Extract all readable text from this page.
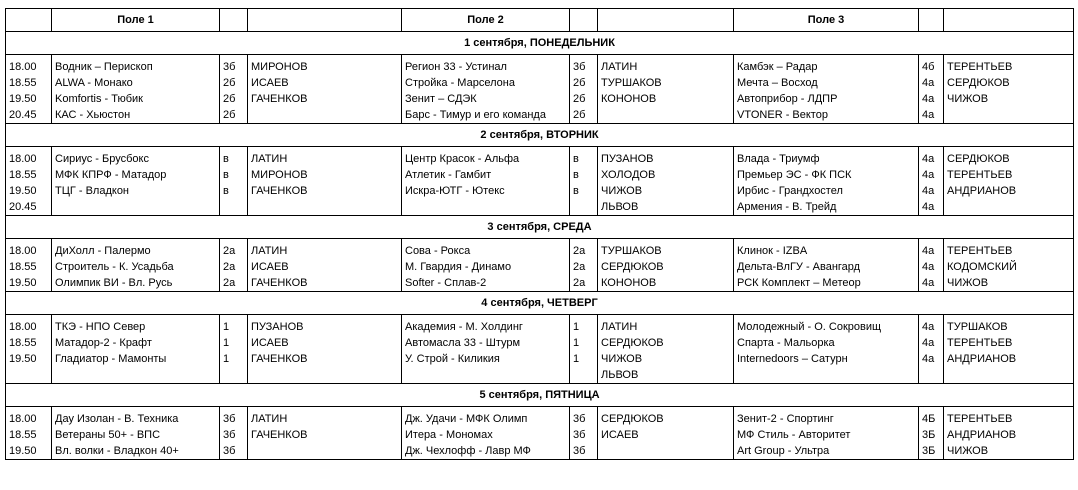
	Поле 1			Поле 2			Поле 3		
1 сентября, ПОНЕДЕЛЬНИК									

18.00	Водник – Перископ	3б	МИРОНОВ	Регион 33 - Устинал	3б	ЛАТИН	Камбэк – Радар	4б	ТЕРЕНТЬЕВ
18.55	ALWA - Монако	2б	ИСАЕВ	Стройка - Марселона	2б	ТУРШАКОВ	Мечта – Восход	4а	СЕРДЮКОВ
19.50	Komfortis - Тюбик	2б	ГАЧЕНКОВ	Зенит – СДЭК	2б	КОНОНОВ	Автоприбор - ЛДПР	4а	ЧИЖОВ
20.45	КАС - Хьюстон	2б		Барс - Тимур и его команда	2б		VTONER - Вектор	4а	
2 сентября, ВТОРНИК									

18.00	Сириус - Брусбокс	в	ЛАТИН	Центр Красок - Альфа	в	ПУЗАНОВ	Влада - Триумф	4а	СЕРДЮКОВ
18.55	МФК КПРФ - Матадор	в	МИРОНОВ	Атлетик - Гамбит	в	ХОЛОДОВ	Премьер ЭС - ФК ПСК	4а	ТЕРЕНТЬЕВ
19.50	ТЦГ - Владкон	в	ГАЧЕНКОВ	Искра-ЮТГ - Ютекс	в	ЧИЖОВ	Ирбис - Грандхостел	4а	АНДРИАНОВ
20.45						ЛЬВОВ	Армения - В. Трейд	4а	
3 сентября, СРЕДА									

18.00	ДиХолл - Палермо	2а	ЛАТИН	Сова - Рокса	2а	ТУРШАКОВ	Клинок - IZBA	4а	ТЕРЕНТЬЕВ
18.55	Строитель - К. Усадьба	2а	ИСАЕВ	М. Гвардия - Динамо	2а	СЕРДЮКОВ	Дельта-ВлГУ - Авангард	4а	КОДОМСКИЙ
19.50	Олимпик ВИ - Вл. Русь	2а	ГАЧЕНКОВ	Softer - Сплав-2	2а	КОНОНОВ	РСК Комплект – Метеор	4а	ЧИЖОВ
4 сентября, ЧЕТВЕРГ									

18.00	ТКЭ - НПО Север	1	ПУЗАНОВ	Академия - М. Холдинг	1	ЛАТИН	Молодежный - О. Сокровищ	4а	ТУРШАКОВ
18.55	Матадор-2 - Крафт	1	ИСАЕВ	Автомасла 33 - Штурм	1	СЕРДЮКОВ	Спарта - Мальорка	4а	ТЕРЕНТЬЕВ
19.50	Гладиатор - Мамонты	1	ГАЧЕНКОВ	У. Строй - Киликия	1	ЧИЖОВ	Internedoors – Сатурн	4а	АНДРИАНОВ
						ЛЬВОВ			
5 сентября, ПЯТНИЦА									

18.00	Дау Изолан - В. Техника	3б	ЛАТИН	Дж. Удачи - МФК Олимп	3б	СЕРДЮКОВ	Зенит-2 - Спортинг	4Б	ТЕРЕНТЬЕВ
18.55	Ветераны 50+ - ВПС	3б	ГАЧЕНКОВ	Итера - Мономах	3б	ИСАЕВ	МФ Стиль - Авторитет	3Б	АНДРИАНОВ
19.50	Вл. волки - Владкон 40+	3б		Дж. Чехлофф - Лавр МФ	3б		Art Group - Ультра	3Б	ЧИЖОВ
